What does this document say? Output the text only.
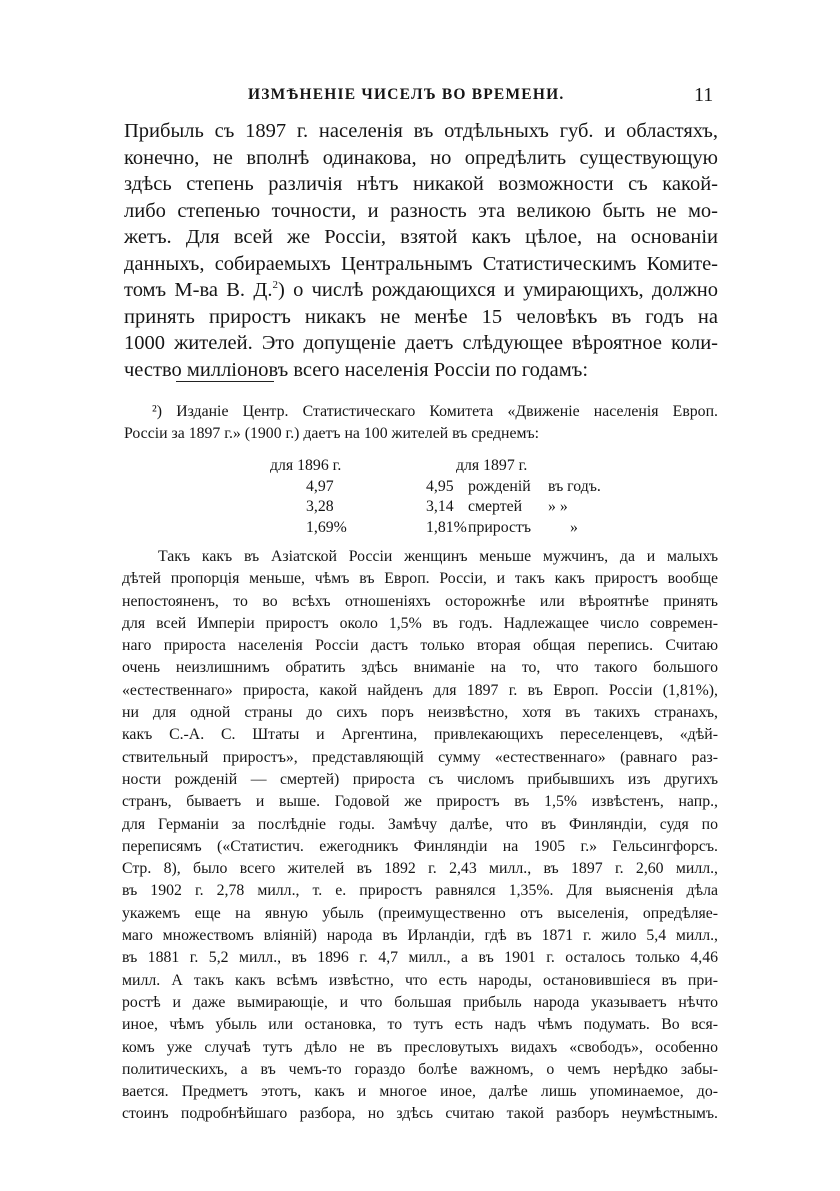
ИЗМѢНЕНІЕ ЧИСЕЛЪ ВО ВРЕМЕНИ.	11
Прибыль съ 1897 г. населенія въ отдѣльныхъ губ. и областяхъ,
конечно, не вполнѣ одинакова, но опредѣлить существующую
здѣсь степень различія нѣтъ никакой возможности съ какой-
либо степенью точности, и разность эта великою быть не мо-
жетъ. Для всей же Россіи, взятой какъ цѣлое, на основаніи
данныхъ, собираемыхъ Центральнымъ Статистическимъ Комите-
томъ М-ва В. Д.$^2$) о числѣ рождающихся и умирающихъ, должно
принять приростъ никакъ не менѣе 15 человѣкъ въ годъ на
1000 жителей. Это допущеніе даетъ слѣдующее вѣроятное коли-
чество милліоновъ всего населенія Россіи по годамъ:
²) Изданіе Центр. Статистическаго Комитета «Движеніе населенія Европ.
Россіи за 1897 г.» (1900 г.) даетъ на 100 жителей въ среднемъ:
для 1896 г.	для 1897 г.
4,97	4,95 рожденій въ годъ.
3,28	3,14 смертей » »
1,69%	1,81% приростъ »
Такъ какъ въ Азіатской Россіи женщинъ меньше мужчинъ, да и малыхъ
дѣтей пропорція меньше, чѣмъ въ Европ. Россіи, и такъ какъ приростъ вообще
непостояненъ, то во всѣхъ отношеніяхъ осторожнѣе или вѣроятнѣе принять
для всей Имперіи приростъ около 1,5% въ годъ. Надлежащее число современ-
наго прироста населенія Россіи дастъ только вторая общая перепись. Считаю
очень неизлишнимъ обратить здѣсь вниманіе на то, что такого большого
«естественнаго» прироста, какой найденъ для 1897 г. въ Европ. Россіи (1,81%),
ни для одной страны до сихъ поръ неизвѣстно, хотя въ такихъ странахъ,
какъ С.-А. С. Штаты и Аргентина, привлекающихъ переселенцевъ, «дѣй-
ствительный приростъ», представляющій сумму «естественнаго» (равнаго раз-
ности рожденій — смертей) прироста съ числомъ прибывшихъ изъ другихъ
странъ, бываетъ и выше. Годовой же приростъ въ 1,5% извѣстенъ, напр.,
для Германіи за послѣдніе годы. Замѣчу далѣе, что въ Финляндіи, судя по
переписямъ («Статистич. ежегодникъ Финляндіи на 1905 г.» Гельсингфорсъ.
Стр. 8), было всего жителей въ 1892 г. 2,43 милл., въ 1897 г. 2,60 милл.,
въ 1902 г. 2,78 милл., т. е. приростъ равнялся 1,35%. Для выясненія дѣла
укажемъ еще на явную убыль (преимущественно отъ выселенія, опредѣляе-
маго множествомъ вліяній) народа въ Ирландіи, гдѣ въ 1871 г. жило 5,4 милл.,
въ 1881 г. 5,2 милл., въ 1896 г. 4,7 милл., а въ 1901 г. осталось только 4,46
милл. А такъ какъ всѣмъ извѣстно, что есть народы, остановившіеся въ при-
ростѣ и даже вымирающіе, и что большая прибыль народа указываетъ нѣчто
иное, чѣмъ убыль или остановка, то тутъ есть надъ чѣмъ подумать. Во вся-
комъ уже случаѣ тутъ дѣло не въ пресловутыхъ видахъ «свободъ», особенно
политическихъ, а въ чемъ-то гораздо болѣе важномъ, о чемъ нерѣдко забы-
вается. Предметъ этотъ, какъ и многое иное, далѣе лишь упоминаемое, до-
стоинъ подробнѣйшаго разбора, но здѣсь считаю такой разборъ неумѣстнымъ.
